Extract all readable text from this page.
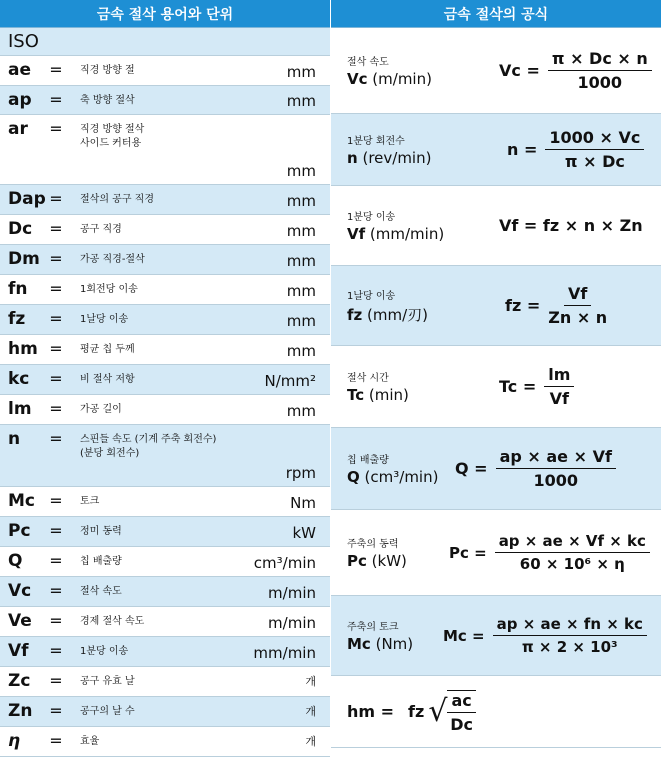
금속 절삭 용어와 단위
ISO
ae	=	직경 방향 절	mm
ap	=	축 방향 절삭	mm
ar	=	직경 방향 절삭
사이드 커터용
mm
Dap =	절삭의 공구 직경	mm
Dc	=	공구 직경	mm
Dm =	가공 직경-절삭	mm
fn	=	1회전당 이송	mm
fz	=	1날당 이송	mm
hm =	평균 칩 두께	mm
kc	=	비 절삭 저항	N/mm²
lm	=	가공 길이	mm
n	=	스핀들 속도 (기계 주축 회전수)
(분당 회전수)
rpm
Mc =	토크	Nm
Pc	=	정미 동력	kW
Q	=	칩 배출량	cm³/min
Vc	=	절삭 속도	m/min
Ve	=	경제 절삭 속도	m/min
Vf	=	1분당 이송	mm/min
Zc	=	공구 유효 날	개
Zn	=	공구의 날 수	개
η	=	효율	개
금속 절삭의 공식
절삭 속도
Vc (m/min)	$Vc = \frac{\pi \times Dc \times n}{1000}$
1분당 회전수
n (rev/min)	$n = \frac{1000 \times Vc}{\pi \times Dc}$
1분당 이송
Vf (mm/min)	Vf = fz × n × Zn
1날당 이송
fz (mm/刃)	fz = $\frac{Vf}{Zn \times n}$
절삭 시간
Tc (min)	$Tc = \frac{lm}{Vf}$
칩 배출량
Q (cm³/min) $Q = \frac{ap \times ae \times Vf}{1000}$
주축의 동력
Pc (kW)	$Pc = \frac{ap \times ae \times Vf \times kc}{\text{60 × 10⁶ × η}}$
주축의 토크
Mc (Nm) $Mc = \frac{ap \times ae \times fn \times kc}{\text{π × 2 × 10³}}$
hm = fz √ $\frac{ac}{Dc}$
